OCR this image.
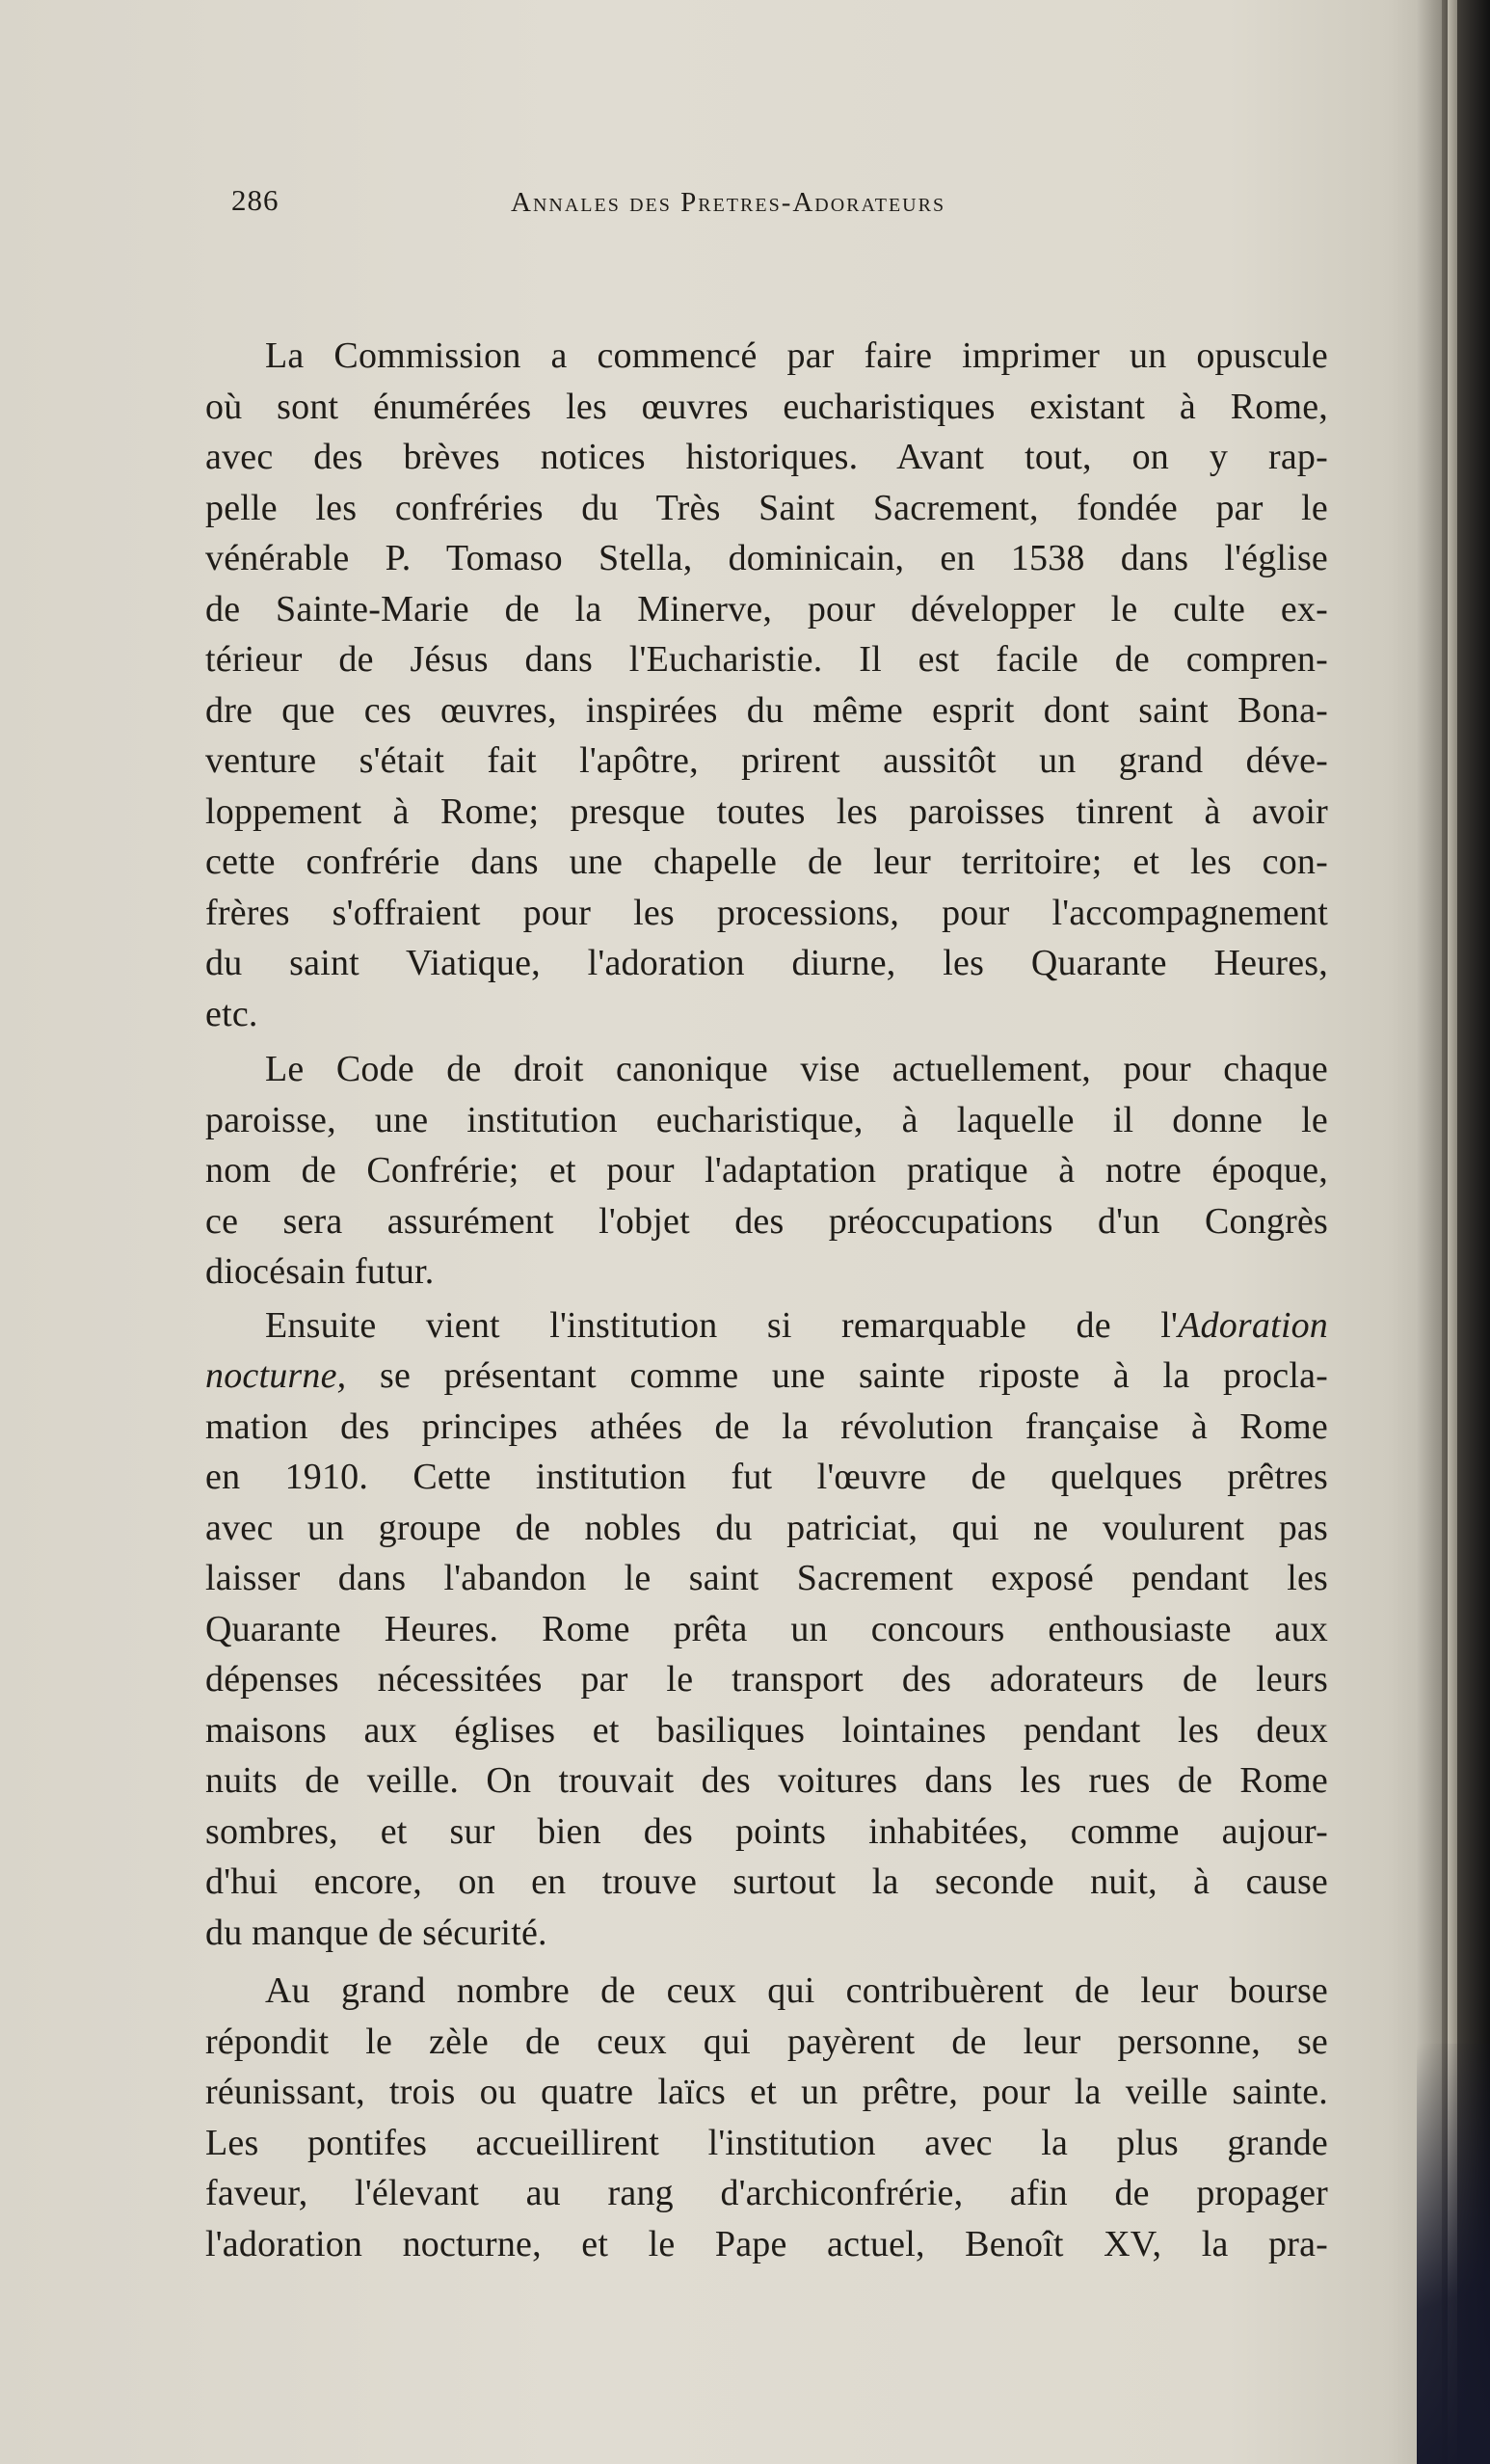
286	Annales des Pretres-Adorateurs

La Commission a commencé par faire imprimer un opuscule

où sont énumérées les œuvres eucharistiques existant à Rome,

avec des brèves notices historiques. Avant tout, on y rap-

pelle les confréries du Très Saint Sacrement, fondée par le

vénérable P. Tomaso Stella, dominicain, en 1538 dans l'église

de Sainte-Marie de la Minerve, pour développer le culte ex-

térieur de Jésus dans l'Eucharistie. Il est facile de compren-

dre que ces œuvres, inspirées du même esprit dont saint Bona-

venture s'était fait l'apôtre, prirent aussitôt un grand déve-

loppement à Rome; presque toutes les paroisses tinrent à avoir

cette confrérie dans une chapelle de leur territoire; et les con-

frères s'offraient pour les processions, pour l'accompagnement

du saint Viatique, l'adoration diurne, les Quarante Heures,

etc.

Le Code de droit canonique vise actuellement, pour chaque

paroisse, une institution eucharistique, à laquelle il donne le

nom de Confrérie; et pour l'adaptation pratique à notre époque,

ce sera assurément l'objet des préoccupations d'un Congrès

diocésain futur.

Ensuite vient l'institution si remarquable de l'Adoration

nocturne, se présentant comme une sainte riposte à la procla-

mation des principes athées de la révolution française à Rome

en 1910. Cette institution fut l'œuvre de quelques prêtres

avec un groupe de nobles du patriciat, qui ne voulurent pas

laisser dans l'abandon le saint Sacrement exposé pendant les

Quarante Heures. Rome prêta un concours enthousiaste aux

dépenses nécessitées par le transport des adorateurs de leurs

maisons aux églises et basiliques lointaines pendant les deux

nuits de veille. On trouvait des voitures dans les rues de Rome

sombres, et sur bien des points inhabitées, comme aujour-

d'hui encore, on en trouve surtout la seconde nuit, à cause

du manque de sécurité.

Au grand nombre de ceux qui contribuèrent de leur bourse

répondit le zèle de ceux qui payèrent de leur personne, se

réunissant, trois ou quatre laïcs et un prêtre, pour la veille sainte.

Les pontifes accueillirent l'institution avec la plus grande

faveur, l'élevant au rang d'archiconfrérie, afin de propager

l'adoration nocturne, et le Pape actuel, Benoît XV, la pra-
